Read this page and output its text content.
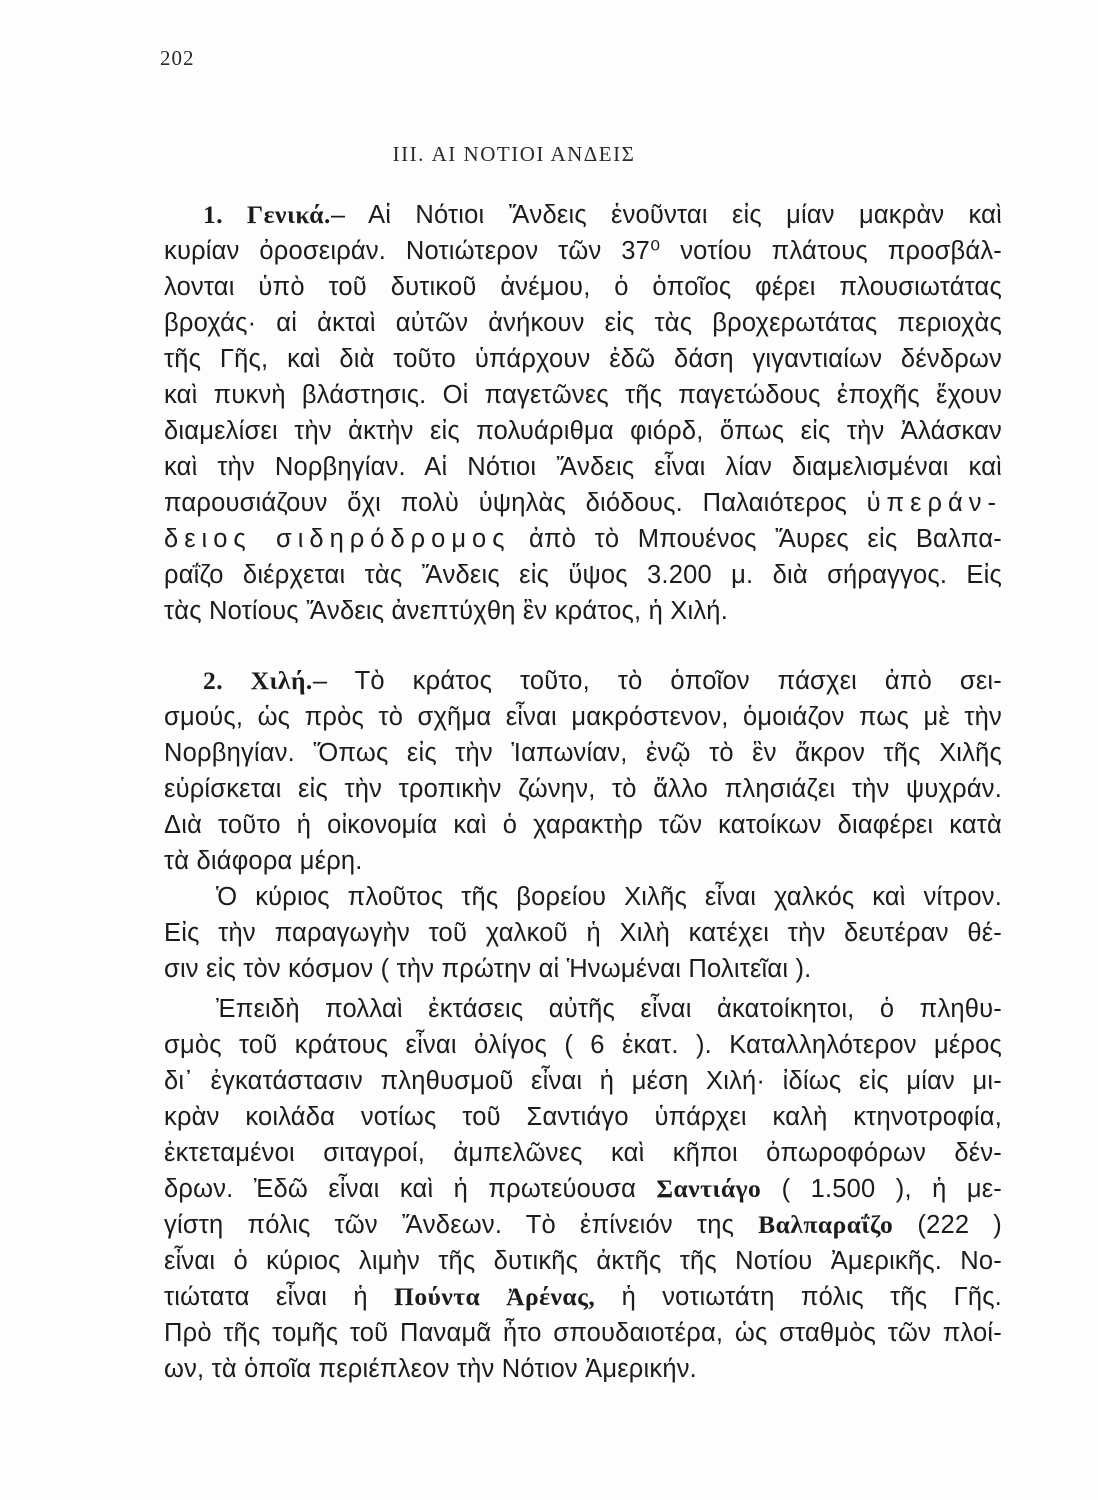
202
III. ΑΙ ΝΟΤΙΟΙ ΑΝΔΕΙΣ
1. Γενικά.– Αἱ Νότιοι Ἄνδεις ἑνοῦνται εἰς μίαν μακρὰν καὶ
κυρίαν ὀροσειράν. Νοτιώτερον τῶν 37⁰ νοτίου πλάτους προσβάλ-
λονται ὑπὸ τοῦ δυτικοῦ ἀνέμου, ὁ ὁποῖος φέρει πλουσιωτάτας
βροχάς· αἱ ἀκταὶ αὐτῶν ἀνήκουν εἰς τὰς βροχερωτάτας περιοχὰς
τῆς Γῆς, καὶ διὰ τοῦτο ὑπάρχουν ἐδῶ δάση γιγαντιαίων δένδρων
καὶ πυκνὴ βλάστησις. Οἱ παγετῶνες τῆς παγετώδους ἐποχῆς ἔχουν
διαμελίσει τὴν ἀκτὴν εἰς πολυάριθμα φιόρδ, ὅπως εἰς τὴν Ἀλάσκαν
καὶ τὴν Νορβηγίαν. Αἱ Νότιοι Ἄνδεις εἶναι λίαν διαμελισμέναι καὶ
παρουσιάζουν ὄχι πολὺ ὑψηλὰς διόδους. Παλαιότερος ὑπεράν-
δειος σιδηρόδρομος ἀπὸ τὸ Μπουένος Ἄυρες εἰς Βαλπα-
ραΐζο διέρχεται τὰς Ἄνδεις εἰς ὕψος 3.200 μ. διὰ σήραγγος. Εἰς
τὰς Νοτίους Ἄνδεις ἀνεπτύχθη ἓν κράτος, ἡ Χιλή.
2. Χιλή.– Τὸ κράτος τοῦτο, τὸ ὁποῖον πάσχει ἀπὸ σει-
σμούς, ὡς πρὸς τὸ σχῆμα εἶναι μακρόστενον, ὁμοιάζον πως μὲ τὴν
Νορβηγίαν. Ὅπως εἰς τὴν Ἰαπωνίαν, ἐνῷ τὸ ἓν ἄκρον τῆς Χιλῆς
εὑρίσκεται εἰς τὴν τροπικὴν ζώνην, τὸ ἄλλο πλησιάζει τὴν ψυχράν.
Διὰ τοῦτο ἡ οἰκονομία καὶ ὁ χαρακτὴρ τῶν κατοίκων διαφέρει κατὰ
τὰ διάφορα μέρη.
Ὁ κύριος πλοῦτος τῆς βορείου Χιλῆς εἶναι χαλκός καὶ νίτρον.
Εἰς τὴν παραγωγὴν τοῦ χαλκοῦ ἡ Χιλὴ κατέχει τὴν δευτέραν θέ-
σιν εἰς τὸν κόσμον ( τὴν πρώτην αἱ Ἡνωμέναι Πολιτεῖαι ).
Ἐπειδὴ πολλαὶ ἐκτάσεις αὐτῆς εἶναι ἀκατοίκητοι, ὁ πληθυ-
σμὸς τοῦ κράτους εἶναι ὀλίγος ( 6 ἑκατ. ). Καταλληλότερον μέρος
δι᾽ ἐγκατάστασιν πληθυσμοῦ εἶναι ἡ μέση Χιλή· ἰδίως εἰς μίαν μι-
κρὰν κοιλάδα νοτίως τοῦ Σαντιάγο ὑπάρχει καλὴ κτηνοτροφία,
ἐκτεταμένοι σιταγροί, ἀμπελῶνες καὶ κῆποι ὀπωροφόρων δέν-
δρων. Ἐδῶ εἶναι καὶ ἡ πρωτεύουσα Σαντιάγο ( 1.500 ), ἡ με-
γίστη πόλις τῶν Ἄνδεων. Τὸ ἐπίνειόν της Βαλπαραΐζο (222 )
εἶναι ὁ κύριος λιμὴν τῆς δυτικῆς ἀκτῆς τῆς Νοτίου Ἀμερικῆς. Νο-
τιώτατα εἶναι ἡ Πούντα Ἀρένας, ἡ νοτιωτάτη πόλις τῆς Γῆς.
Πρὸ τῆς τομῆς τοῦ Παναμᾶ ἦτο σπουδαιοτέρα, ὡς σταθμὸς τῶν πλοί-
ων, τὰ ὁποῖα περιέπλεον τὴν Νότιον Ἀμερικήν.
